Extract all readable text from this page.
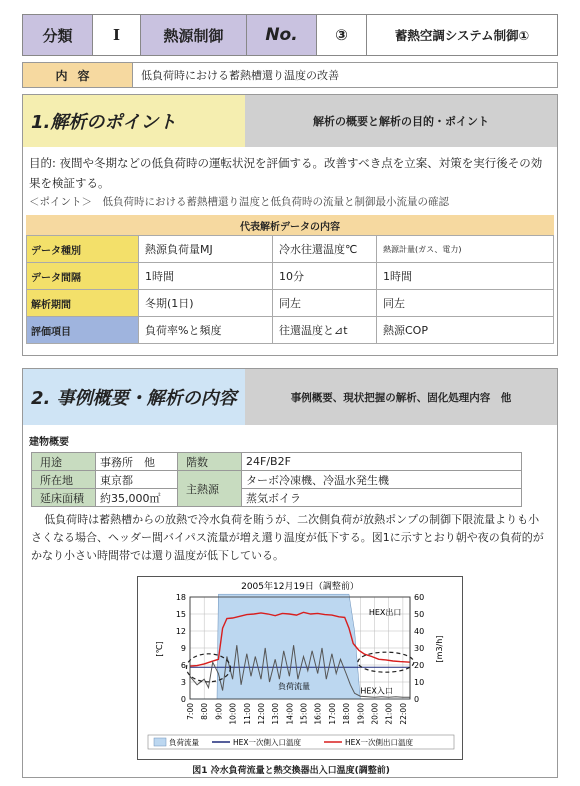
分類	I	熱源制御	No.	③	蓄熱空調システム制御①
内容	低負荷時における蓄熱槽還り温度の改善
1.解析のポイント	解析の概要と解析の目的・ポイント
目的: 夜間や冬期などの低負荷時の運転状況を評価する。改善すべき点を立案、対策を実行後その効果を検証する。
＜ポイント＞　低負荷時における蓄熱槽還り温度と低負荷時の流量と制御最小流量の確認
代表解析データの内容
データ種別	熱源負荷量MJ	冷水往還温度℃	熱源計量(ガス、電力)
データ間隔	1時間	10分	1時間
解析期間	冬期(1日)	同左	同左
評価項目	負荷率%と頻度	往還温度と⊿t	熱源COP
2. 事例概要・解析の内容	事例概要、現状把握の解析、固化処理内容　他
建物概要
用途	事務所　他	階数	24F/B2F
所在地	東京都	主熱源	ターボ冷凍機、冷温水発生機
延床面積	約35,000㎡		蒸気ボイラ
低負荷時は蓄熱槽からの放熱で冷水負荷を賄うが、二次側負荷が放熱ポンプの制御下限流量よりも小さくなる場合、ヘッダー間バイパス流量が増え還り温度が低下する。図1に示すとおり朝や夜の負荷的がかなり小さい時間帯では還り温度が低下している。
2005年12月19日（調整前）
0	0
3	10
6	20
9	30
12	40
15	50
18	60
7:00 8:00 9:00 10:00 11:00 12:00 13:00 14:00 15:00 16:00 17:00 18:00 19:00 20:00 21:00 22:00
[℃]	[m3/h]
HEX出口
HEX入口
負荷流量
負荷流量	HEX一次側入口温度	HEX一次側出口温度
図1 冷水負荷流量と熱交換器出入口温度(調整前)
